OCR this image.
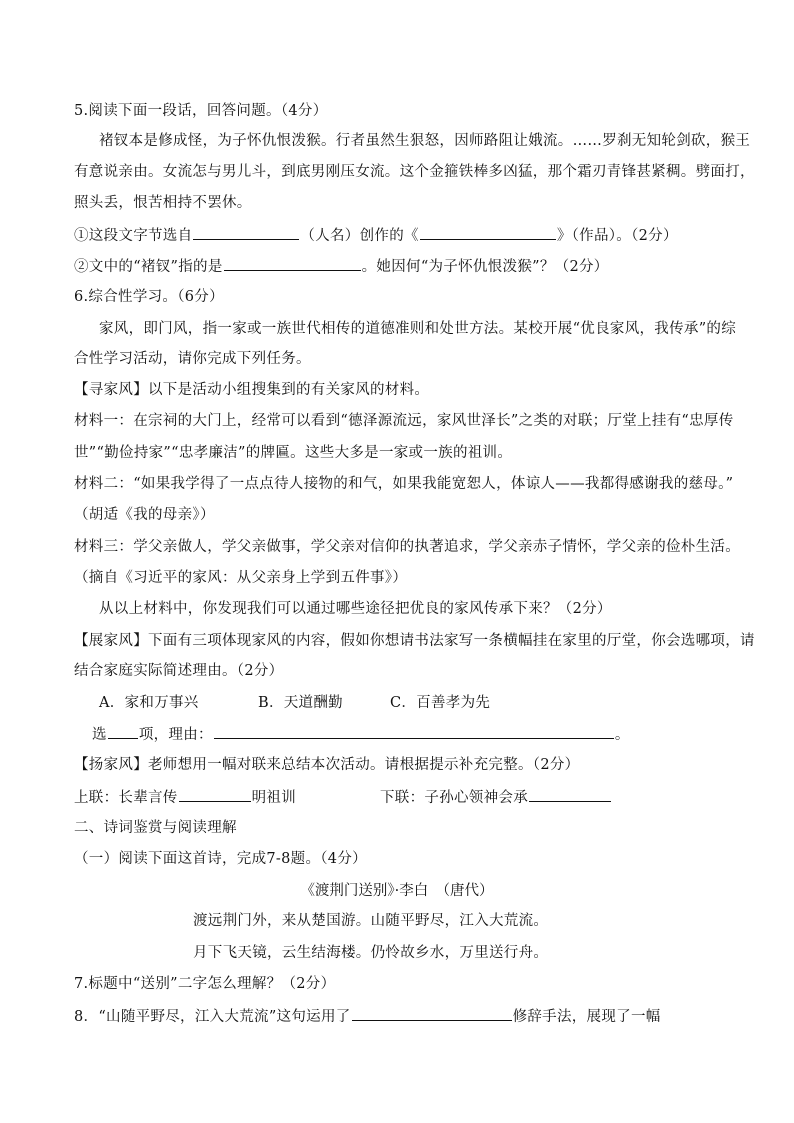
5.阅读下面一段话，回答问题。（4分）
褚钗本是修成怪，为子怀仇恨泼猴。行者虽然生狠怒，因师路阻让娥流。……罗刹无知轮剑砍，猴王
有意说亲由。女流怎与男儿斗，到底男刚压女流。这个金箍铁棒多凶猛，那个霜刃青锋甚紧稠。劈面打，
照头丢，恨苦相持不罢休。
①这段文字节选自	（人名）创作的《	》（作品）。（2分）
②文中的“褚钗”指的是	。她因何“为子怀仇恨泼猴”？（2分）
6.综合性学习。（6分）
家风，即门风，指一家或一族世代相传的道德准则和处世方法。某校开展“优良家风，我传承”的综
合性学习活动，请你完成下列任务。
【寻家风】以下是活动小组搜集到的有关家风的材料。
材料一：在宗祠的大门上，经常可以看到“德泽源流远，家风世泽长”之类的对联；厅堂上挂有“忠厚传
世”“勤俭持家”“忠孝廉洁”的牌匾。这些大多是一家或一族的祖训。
材料二：“如果我学得了一点点待人接物的和气，如果我能宽恕人，体谅人——我都得感谢我的慈母。”
（胡适《我的母亲》）
材料三：学父亲做人，学父亲做事，学父亲对信仰的执著追求，学父亲赤子情怀，学父亲的俭朴生活。
（摘自《习近平的家风：从父亲身上学到五件事》）
从以上材料中，你发现我们可以通过哪些途径把优良的家风传承下来？（2分）
【展家风】下面有三项体现家风的内容，假如你想请书法家写一条横幅挂在家里的厅堂，你会选哪项，请
结合家庭实际简述理由。（2分）
A．家和万事兴	B．天道酬勤	C．百善孝为先
选 项，理由：	。
【扬家风】老师想用一幅对联来总结本次活动。请根据提示补充完整。（2分）
上联：长辈言传	明祖训	下联：子孙心领神会承
二、诗词鉴赏与阅读理解
（一）阅读下面这首诗，完成7-8题。（4分）
《渡荆门送别》·李白　（唐代）
渡远荆门外，来从楚国游。山随平野尽，江入大荒流。
月下飞天镜，云生结海楼。仍怜故乡水，万里送行舟。
7.标题中“送别”二字怎么理解？（2分）
8．“山随平野尽，江入大荒流”这句运用了	修辞手法，展现了一幅
